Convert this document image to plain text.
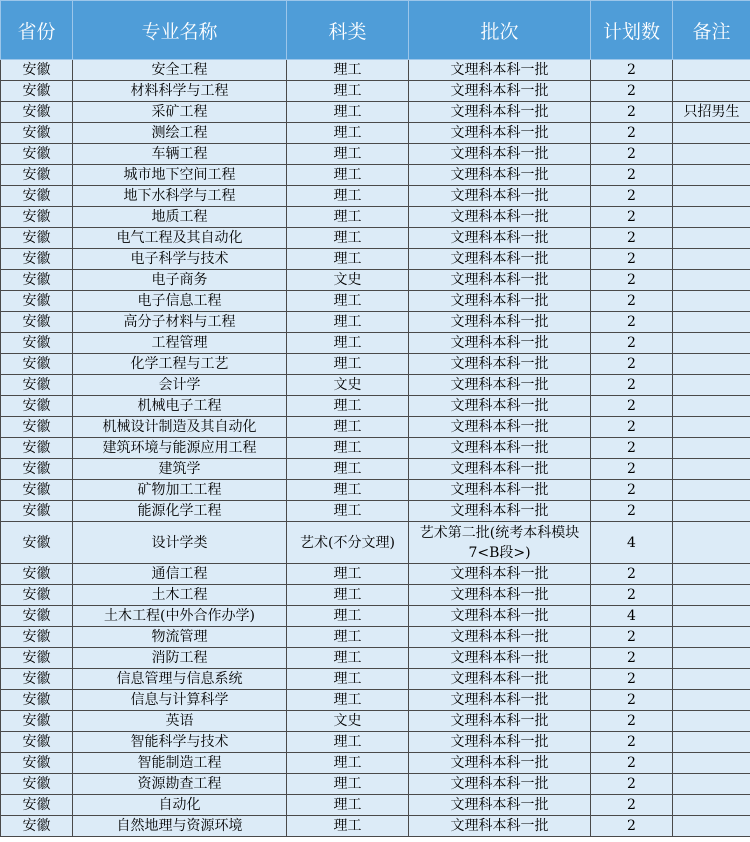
省份	专业名称	科类	批次	计划数	备注
安徽	安全工程	理工	文理科本科一批	2	
安徽	材料科学与工程	理工	文理科本科一批	2	
安徽	采矿工程	理工	文理科本科一批	2	只招男生
安徽	测绘工程	理工	文理科本科一批	2	
安徽	车辆工程	理工	文理科本科一批	2	
安徽	城市地下空间工程	理工	文理科本科一批	2	
安徽	地下水科学与工程	理工	文理科本科一批	2	
安徽	地质工程	理工	文理科本科一批	2	
安徽	电气工程及其自动化	理工	文理科本科一批	2	
安徽	电子科学与技术	理工	文理科本科一批	2	
安徽	电子商务	文史	文理科本科一批	2	
安徽	电子信息工程	理工	文理科本科一批	2	
安徽	高分子材料与工程	理工	文理科本科一批	2	
安徽	工程管理	理工	文理科本科一批	2	
安徽	化学工程与工艺	理工	文理科本科一批	2	
安徽	会计学	文史	文理科本科一批	2	
安徽	机械电子工程	理工	文理科本科一批	2	
安徽	机械设计制造及其自动化	理工	文理科本科一批	2	
安徽	建筑环境与能源应用工程	理工	文理科本科一批	2	
安徽	建筑学	理工	文理科本科一批	2	
安徽	矿物加工工程	理工	文理科本科一批	2	
安徽	能源化学工程	理工	文理科本科一批	2	
安徽	设计学类	艺术(不分文理)	艺术第二批(统考本科模块7<B段>)	4	
安徽	通信工程	理工	文理科本科一批	2	
安徽	土木工程	理工	文理科本科一批	2	
安徽	土木工程(中外合作办学)	理工	文理科本科一批	4	
安徽	物流管理	理工	文理科本科一批	2	
安徽	消防工程	理工	文理科本科一批	2	
安徽	信息管理与信息系统	理工	文理科本科一批	2	
安徽	信息与计算科学	理工	文理科本科一批	2	
安徽	英语	文史	文理科本科一批	2	
安徽	智能科学与技术	理工	文理科本科一批	2	
安徽	智能制造工程	理工	文理科本科一批	2	
安徽	资源勘查工程	理工	文理科本科一批	2	
安徽	自动化	理工	文理科本科一批	2	
安徽	自然地理与资源环境	理工	文理科本科一批	2	
